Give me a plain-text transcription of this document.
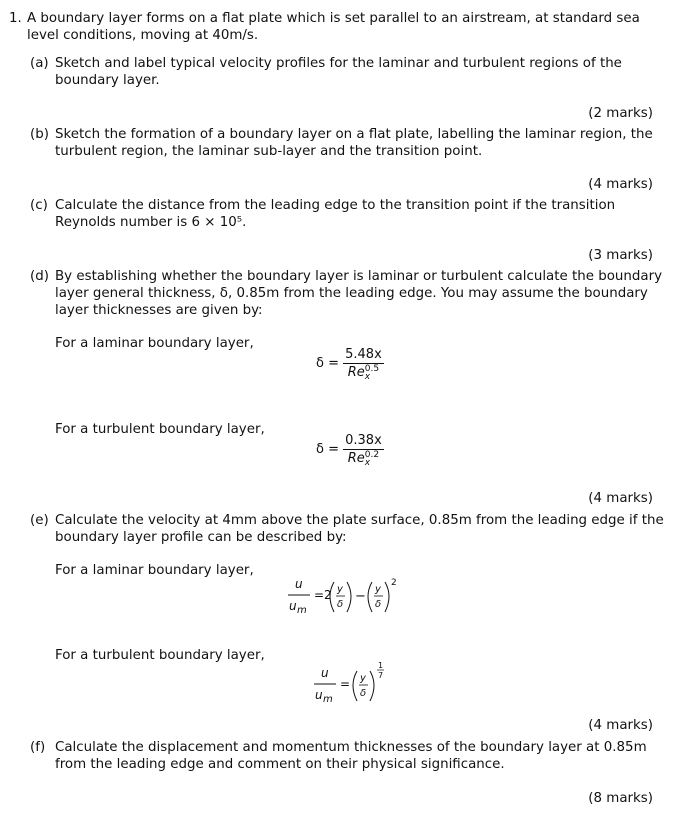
1. A boundary layer forms on a flat plate which is set parallel to an airstream, at standard sea level conditions, moving at 40m/s.
(a) Sketch and label typical velocity profiles for the laminar and turbulent regions of the boundary layer.
(2 marks)
(b) Sketch the formation of a boundary layer on a flat plate, labelling the laminar region, the turbulent region, the laminar sub-layer and the transition point.
(4 marks)
(c) Calculate the distance from the leading edge to the transition point if the transition Reynolds number is 6 × 10⁵.
(3 marks)
(d) By establishing whether the boundary layer is laminar or turbulent calculate the boundary layer general thickness, δ, 0.85m from the leading edge. You may assume the boundary layer thicknesses are given by:
For a laminar boundary layer,
δ = 5.48x
Re 0.5
x
For a turbulent boundary layer,
δ = 0.38x
Re 0.2
x
(4 marks)
(e) Calculate the velocity at 4mm above the plate surface, 0.85m from the leading edge if the boundary layer profile can be described by:
For a laminar boundary layer,
u
u m
=2 y
δ
− y
δ
2
For a turbulent boundary layer,
u
u m
= y
δ
1
7
(4 marks)
(f) Calculate the displacement and momentum thicknesses of the boundary layer at 0.85m from the leading edge and comment on their physical significance.
(8 marks)
